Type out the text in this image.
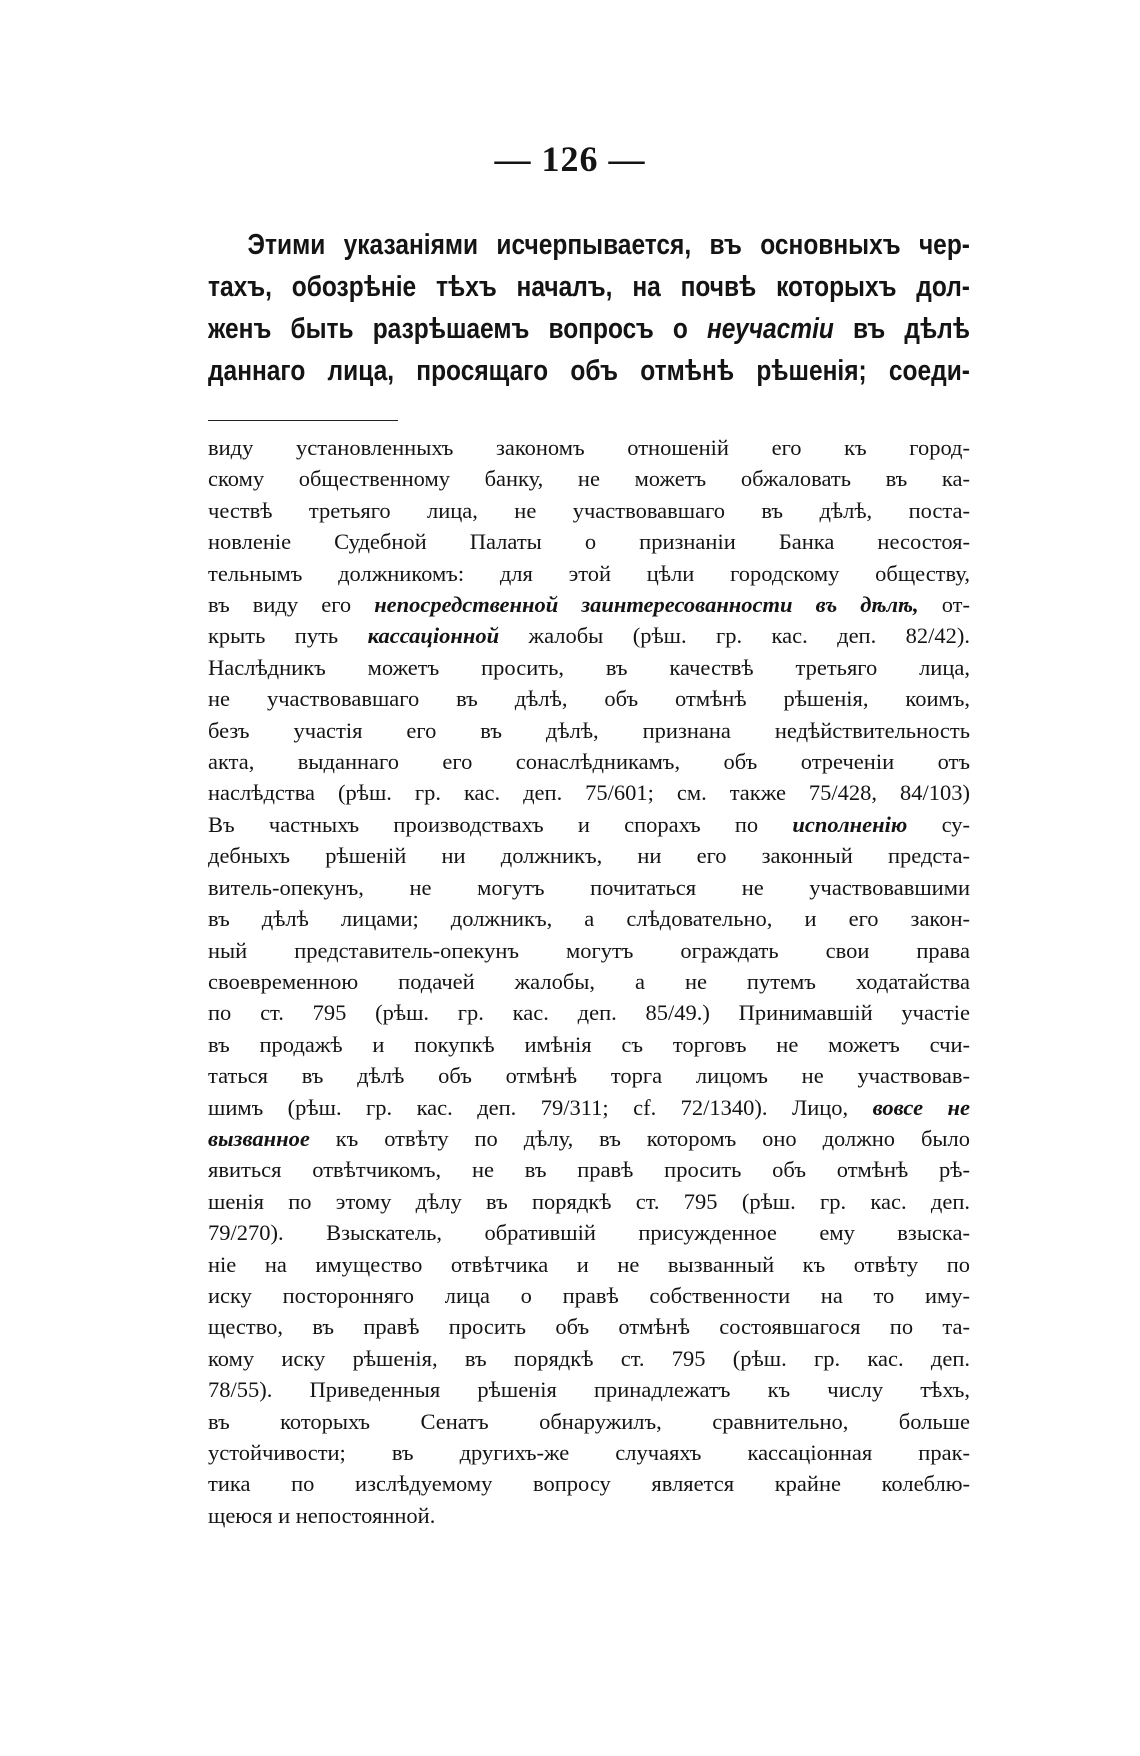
— 126 —
Этими указаніями исчерпывается, въ основныхъ чер-
тахъ, обозрѣніе тѣхъ началъ, на почвѣ которыхъ дол-
женъ быть разрѣшаемъ вопросъ о неучастіи въ дѣлѣ
даннаго лица, просящаго объ отмѣнѣ рѣшенія; соеди-
виду установленныхъ закономъ отношеній его къ город-
скому общественному банку, не можетъ обжаловать въ ка-
чествѣ третьяго лица, не участвовавшаго въ дѣлѣ, поста-
новленіе Судебной Палаты о признаніи Банка несостоя-
тельнымъ должникомъ: для этой цѣли городскому обществу,
въ виду его непосредственной заинтересованности въ дѣлѣ, от-
крыть путь кассаціонной жалобы (рѣш. гр. кас. деп. 82/42).
Наслѣдникъ можетъ просить, въ качествѣ третьяго лица,
не участвовавшаго въ дѣлѣ, объ отмѣнѣ рѣшенія, коимъ,
безъ участія его въ дѣлѣ, признана недѣйствительность
акта, выданнаго его сонаслѣдникамъ, объ отреченіи отъ
наслѣдства (рѣш. гр. кас. деп. 75/601; см. также 75/428, 84/103)
Въ частныхъ производствахъ и спорахъ по исполненію су-
дебныхъ рѣшеній ни должникъ, ни его законный предста-
витель-опекунъ, не могутъ почитаться не участвовавшими
въ дѣлѣ лицами; должникъ, а слѣдовательно, и его закон-
ный представитель-опекунъ могутъ ограждать свои права
своевременною подачей жалобы, а не путемъ ходатайства
по ст. 795 (рѣш. гр. кас. деп. 85/49.) Принимавшій участіе
въ продажѣ и покупкѣ имѣнія съ торговъ не можетъ счи-
таться въ дѣлѣ объ отмѣнѣ торга лицомъ не участвовав-
шимъ (рѣш. гр. кас. деп. 79/311; cf. 72/1340). Лицо, вовсе не
вызванное къ отвѣту по дѣлу, въ которомъ оно должно было
явиться отвѣтчикомъ, не въ правѣ просить объ отмѣнѣ рѣ-
шенія по этому дѣлу въ порядкѣ ст. 795 (рѣш. гр. кас. деп.
79/270). Взыскатель, обратившій присужденное ему взыска-
ніе на имущество отвѣтчика и не вызванный къ отвѣту по
иску посторонняго лица о правѣ собственности на то иму-
щество, въ правѣ просить объ отмѣнѣ состоявшагося по та-
кому иску рѣшенія, въ порядкѣ ст. 795 (рѣш. гр. кас. деп.
78/55). Приведенныя рѣшенія принадлежатъ къ числу тѣхъ,
въ которыхъ Сенатъ обнаружилъ, сравнительно, больше
устойчивости; въ другихъ-же случаяхъ кассаціонная прак-
тика по изслѣдуемому вопросу является крайне колеблю-
щеюся и непостоянной.
